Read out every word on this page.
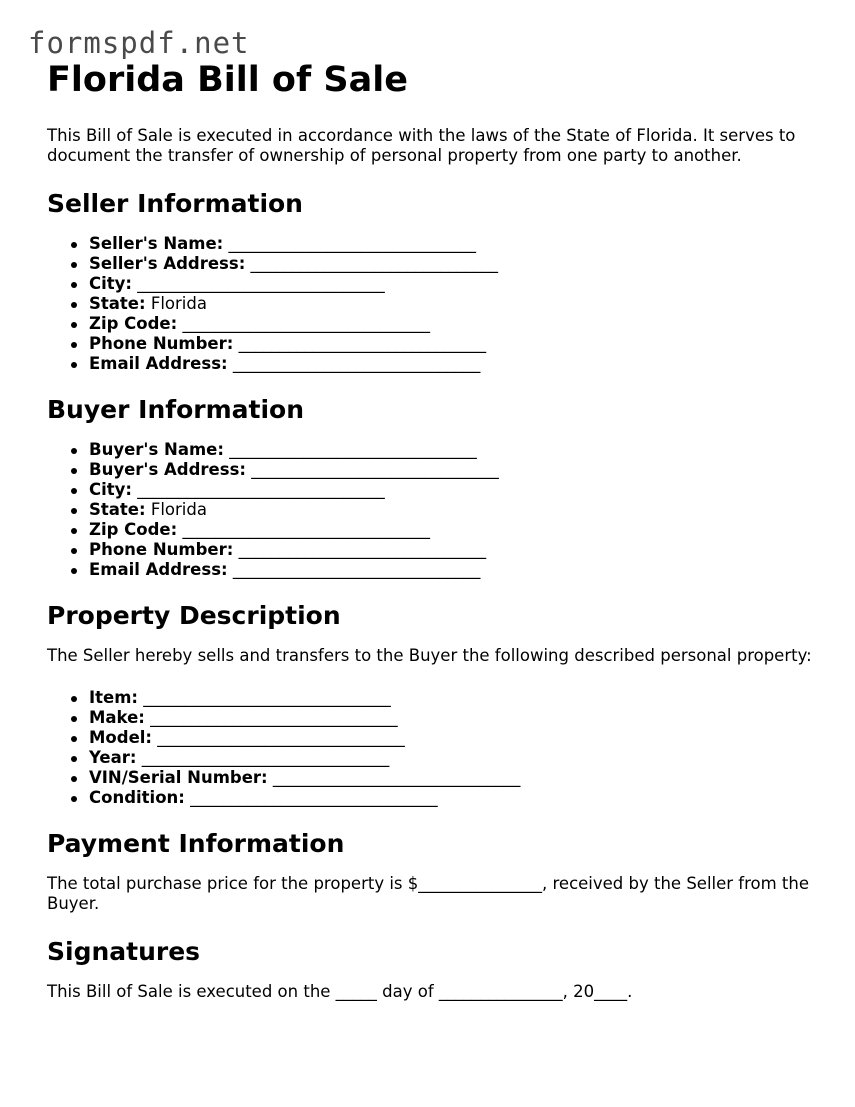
formspdf.net
Florida Bill of Sale

This Bill of Sale is executed in accordance with the laws of the State of Florida. It serves to document the transfer of ownership of personal property from one party to another.

Seller Information
Seller's Name: ______________________________
Seller's Address: ______________________________
City: ______________________________
State: Florida
Zip Code: ______________________________
Phone Number: ______________________________
Email Address: ______________________________
Buyer Information
Buyer's Name: ______________________________
Buyer's Address: ______________________________
City: ______________________________
State: Florida
Zip Code: ______________________________
Phone Number: ______________________________
Email Address: ______________________________
Property Description

The Seller hereby sells and transfers to the Buyer the following described personal property:

Item: ______________________________
Make: ______________________________
Model: ______________________________
Year: ______________________________
VIN/Serial Number: ______________________________
Condition: ______________________________
Payment Information

The total purchase price for the property is $_______________, received by the Seller from the Buyer.

Signatures

This Bill of Sale is executed on the _____ day of _______________, 20____.
